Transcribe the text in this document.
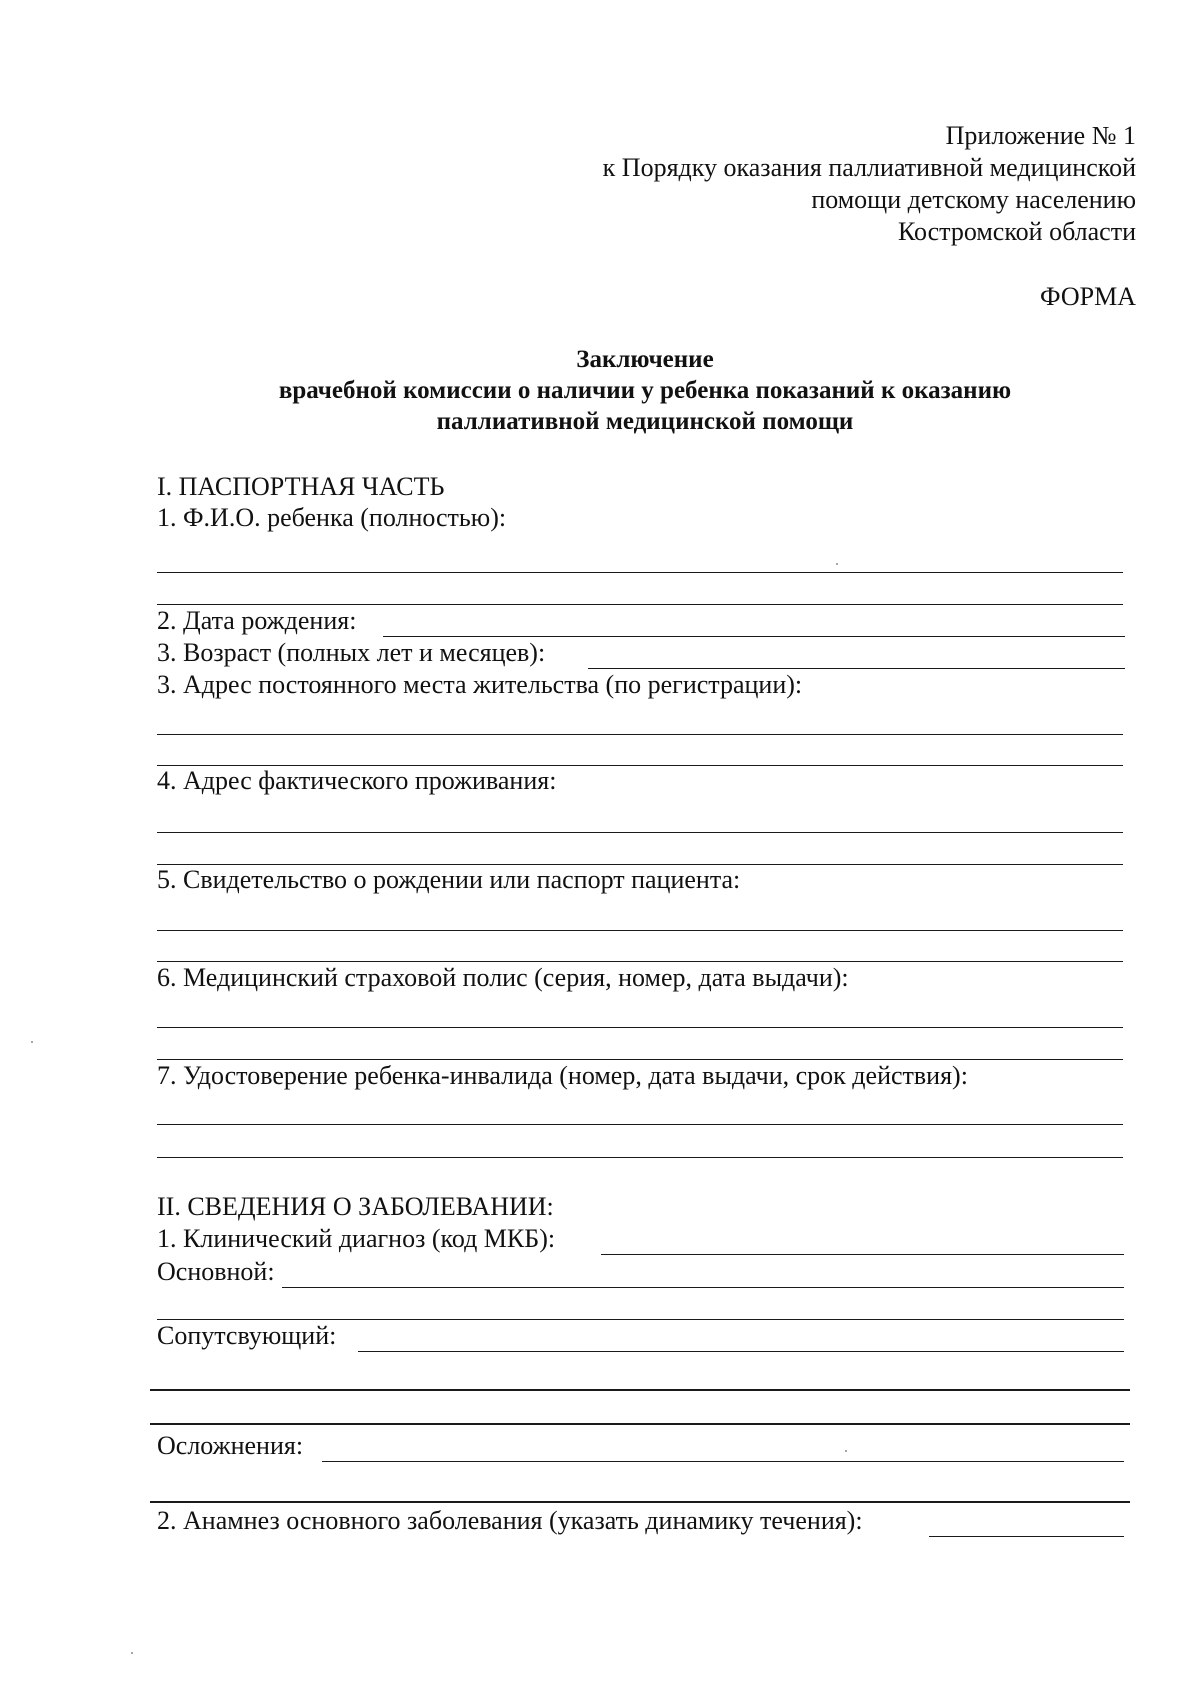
Приложение № 1
к Порядку оказания паллиативной медицинской
помощи детскому населению
Костромской области
ФОРМА
Заключение
врачебной комиссии о наличии у ребенка показаний к оказанию
паллиативной медицинской помощи
I. ПАСПОРТНАЯ ЧАСТЬ
1. Ф.И.О. ребенка (полностью):
2. Дата рождения:
3. Возраст (полных лет и месяцев):
3. Адрес постоянного места жительства (по регистрации):
4. Адрес фактического проживания:
5. Свидетельство о рождении или паспорт пациента:
6. Медицинский страховой полис (серия, номер, дата выдачи):
7. Удостоверение ребенка-инвалида (номер, дата выдачи, срок действия):
II. СВЕДЕНИЯ О ЗАБОЛЕВАНИИ:
1. Клинический диагноз (код МКБ):
Основной:
Сопутсвующий:
Осложнения:
2. Анамнез основного заболевания (указать динамику течения):
